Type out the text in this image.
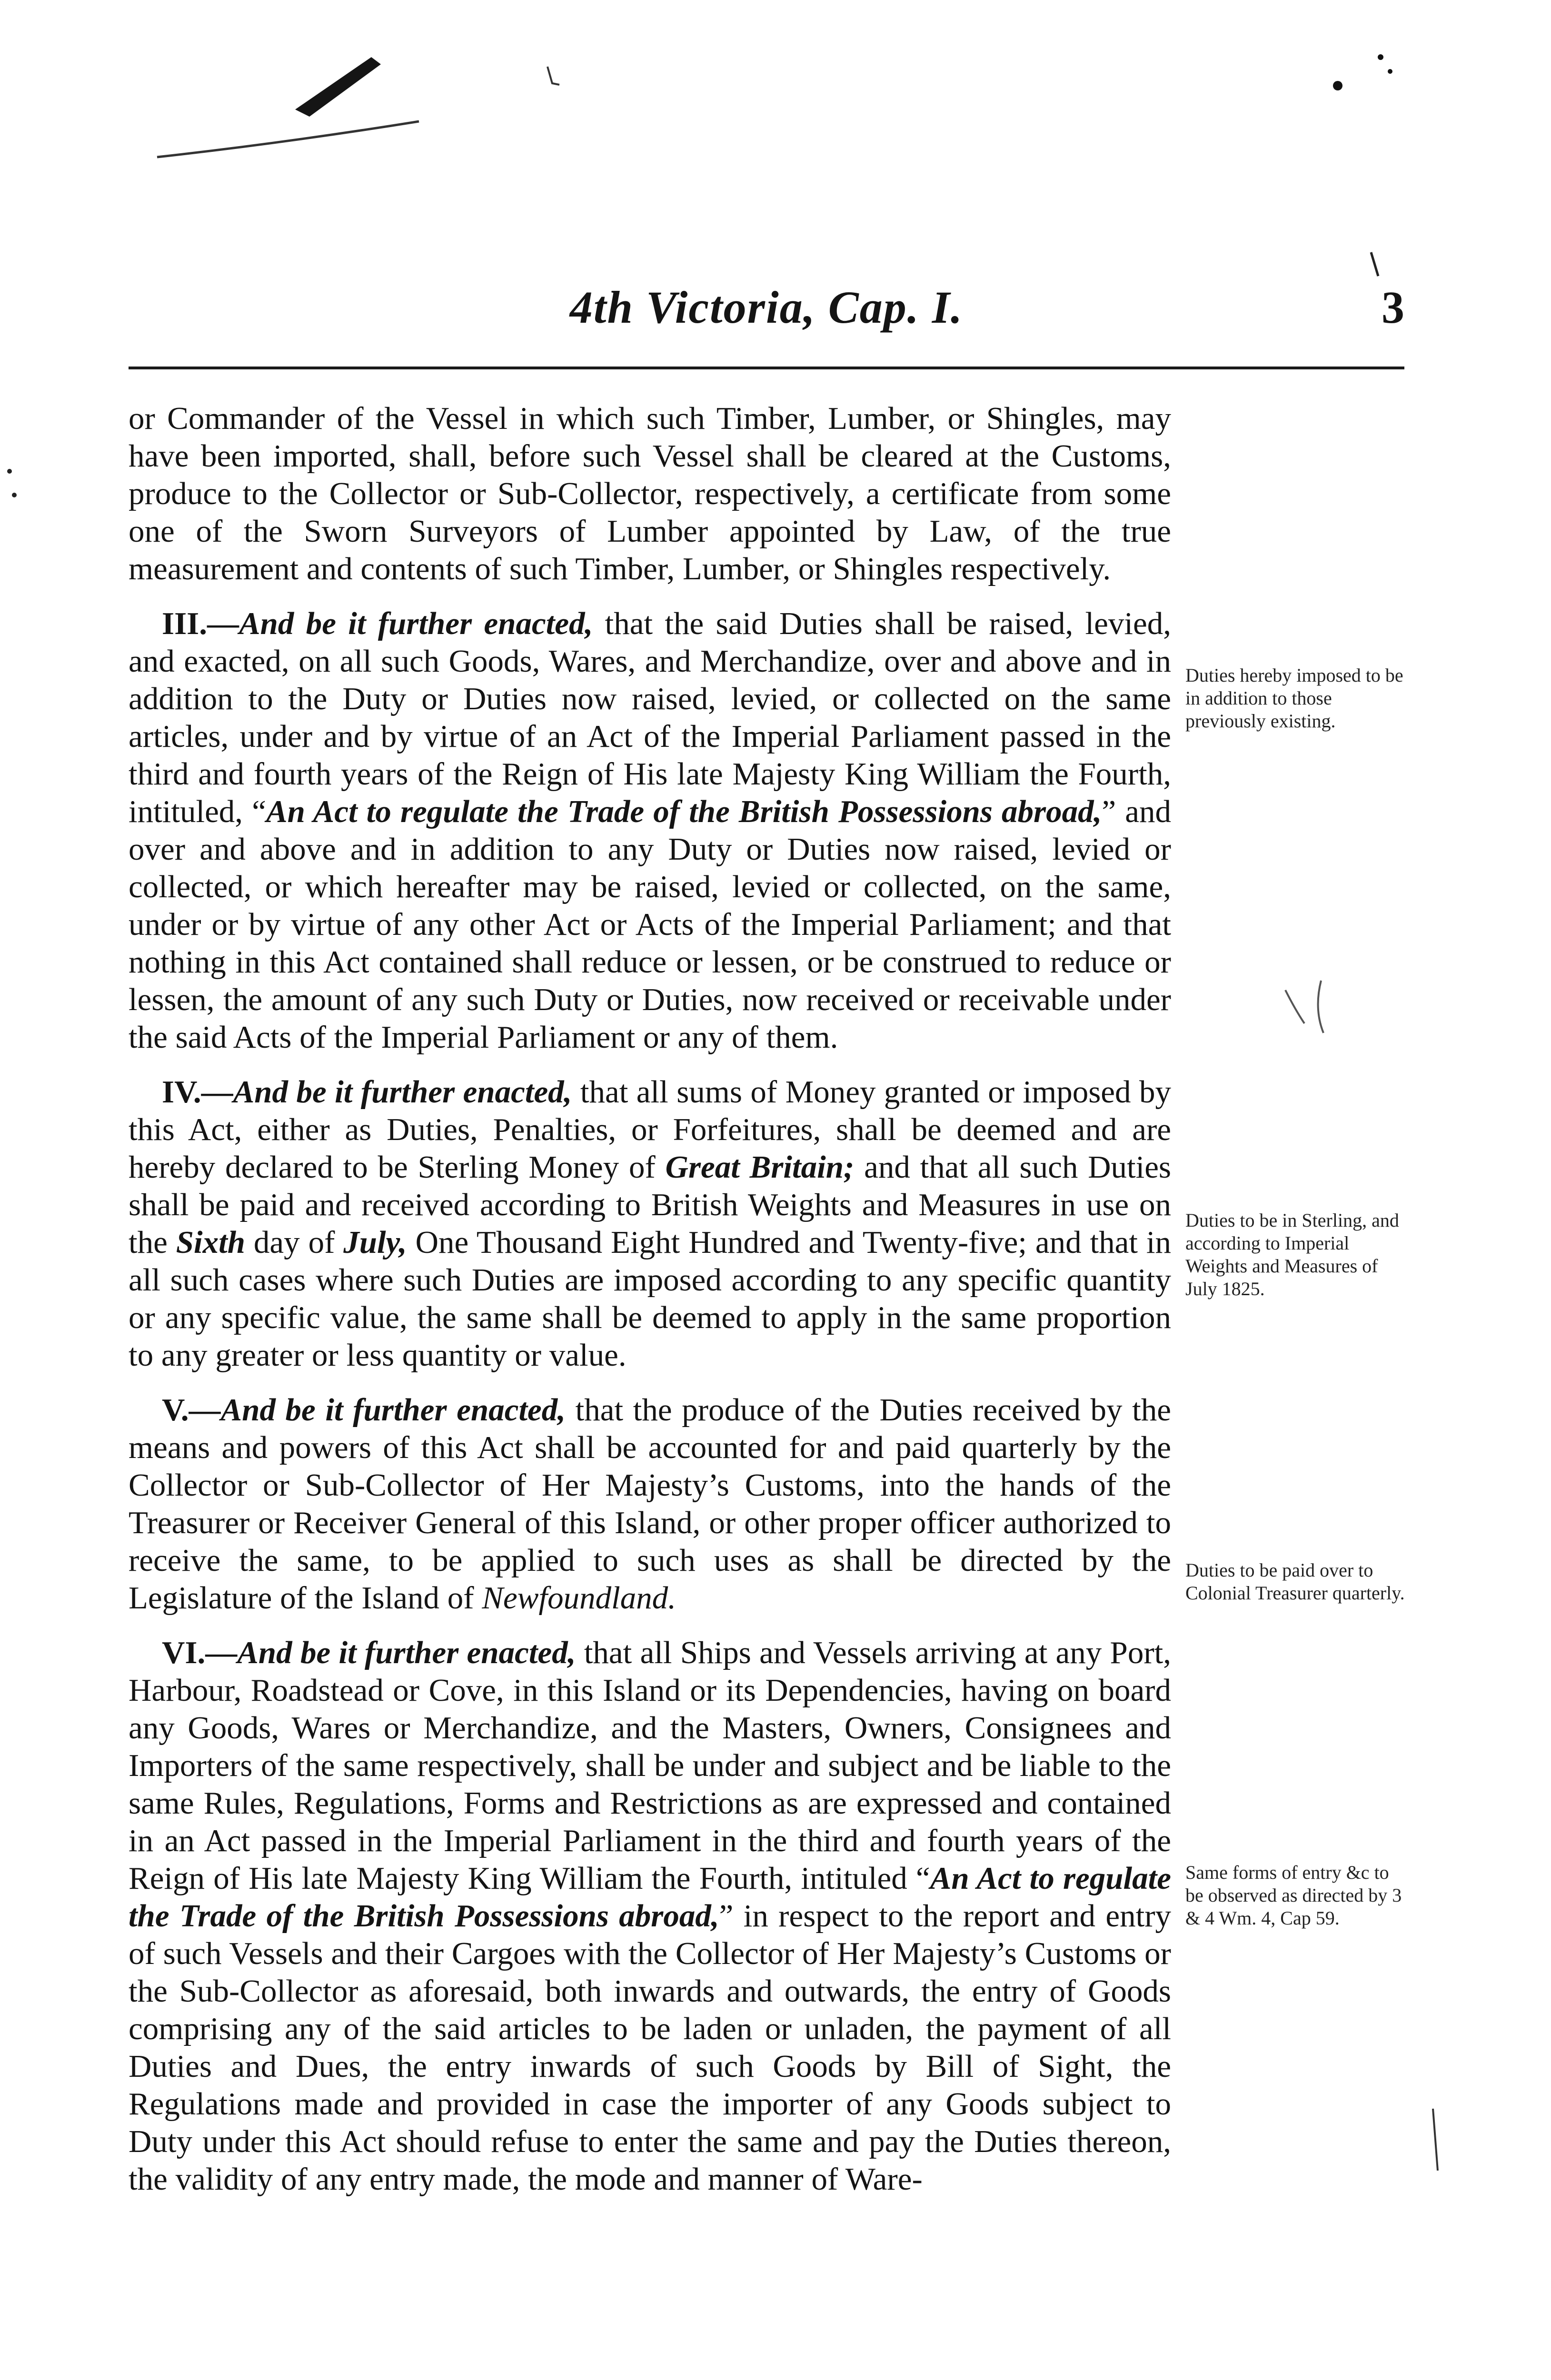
4th Victoria, Cap. I.	3

or Commander of the Vessel in which such Timber, Lumber, or Shingles, may have been imported, shall, before such Vessel shall be cleared at the Customs, produce to the Collector or Sub-Collector, respectively, a certificate from some one of the Sworn Surveyors of Lumber appointed by Law, of the true measurement and contents of such Timber, Lumber, or Shingles respectively.

III.—And be it further enacted, that the said Duties shall be raised, levied, and exacted, on all such Goods, Wares, and Merchandize, over and above and in addition to the Duty or Duties now raised, levied, or collected on the same articles, under and by virtue of an Act of the Imperial Parliament passed in the third and fourth years of the Reign of His late Majesty King William the Fourth, intituled, “An Act to regulate the Trade of the British Possessions abroad,” and over and above and in addition to any Duty or Duties now raised, levied or collected, or which hereafter may be raised, levied or collected, on the same, under or by virtue of any other Act or Acts of the Imperial Parliament; and that nothing in this Act contained shall reduce or lessen, or be construed to reduce or lessen, the amount of any such Duty or Duties, now received or receivable under the said Acts of the Imperial Parliament or any of them.

IV.—And be it further enacted, that all sums of Money granted or imposed by this Act, either as Duties, Penalties, or Forfeitures, shall be deemed and are hereby declared to be Sterling Money of Great Britain; and that all such Duties shall be paid and received according to British Weights and Measures in use on the Sixth day of July, One Thousand Eight Hundred and Twenty-five; and that in all such cases where such Duties are imposed according to any specific quantity or any specific value, the same shall be deemed to apply in the same proportion to any greater or less quantity or value.

V.—And be it further enacted, that the produce of the Duties received by the means and powers of this Act shall be accounted for and paid quarterly by the Collector or Sub-Collector of Her Majesty’s Customs, into the hands of the Treasurer or Receiver General of this Island, or other proper officer authorized to receive the same, to be applied to such uses as shall be directed by the Legislature of the Island of Newfoundland.

VI.—And be it further enacted, that all Ships and Vessels arriving at any Port, Harbour, Roadstead or Cove, in this Island or its Dependencies, having on board any Goods, Wares or Merchandize, and the Masters, Owners, Consignees and Importers of the same respectively, shall be under and subject and be liable to the same Rules, Regulations, Forms and Restrictions as are expressed and contained in an Act passed in the Imperial Parliament in the third and fourth years of the Reign of His late Majesty King William the Fourth, intituled “An Act to regulate the Trade of the British Possessions abroad,” in respect to the report and entry of such Vessels and their Cargoes with the Collector of Her Majesty’s Customs or the Sub-Collector as aforesaid, both inwards and outwards, the entry of Goods comprising any of the said articles to be laden or unladen, the payment of all Duties and Dues, the entry inwards of such Goods by Bill of Sight, the Regulations made and provided in case the importer of any Goods subject to Duty under this Act should refuse to enter the same and pay the Duties thereon, the validity of any entry made, the mode and manner of Ware-

Duties hereby imposed to be in addition to those previously existing.
Duties to be in Sterling, and according to Imperial Weights and Measures of July 1825.
Duties to be paid over to Colonial Treasurer quarterly.
Same forms of entry &c to be observed as directed by 3 & 4 Wm. 4, Cap 59.
